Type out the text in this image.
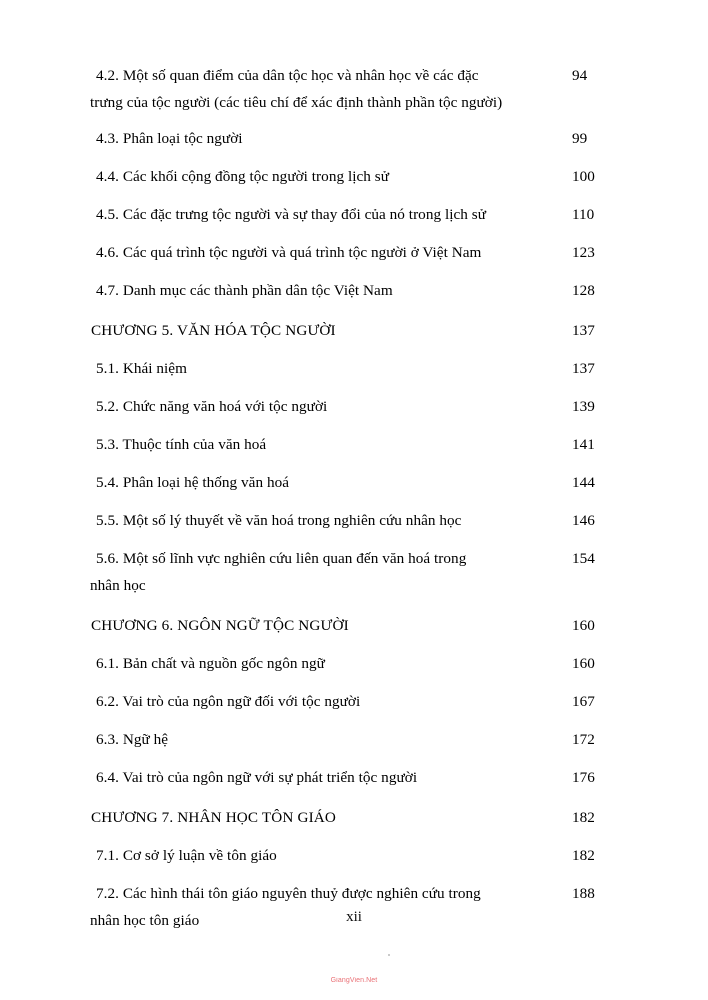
4.2. Một số quan điểm của dân tộc học và nhân học về các đặc	94
trưng của tộc người (các tiêu chí để xác định thành phần tộc người)
4.3. Phân loại tộc người	99
4.4. Các khối cộng đồng tộc người trong lịch sử	100
4.5. Các đặc trưng tộc người và sự thay đổi của nó trong lịch sử	110
4.6. Các quá trình tộc người và quá trình tộc người ở Việt Nam	123
4.7. Danh mục các thành phần dân tộc Việt Nam	128
CHƯƠNG 5. VĂN HÓA TỘC NGƯỜI	137
5.1. Khái niệm	137
5.2. Chức năng văn hoá với tộc người	139
5.3. Thuộc tính của văn hoá	141
5.4. Phân loại hệ thống văn hoá	144
5.5. Một số lý thuyết về văn hoá trong nghiên cứu nhân học	146
5.6. Một số lĩnh vực nghiên cứu liên quan đến văn hoá trong	154
nhân học
CHƯƠNG 6. NGÔN NGỮ TỘC NGƯỜI	160
6.1. Bản chất và nguồn gốc ngôn ngữ	160
6.2. Vai trò của ngôn ngữ đối với tộc người	167
6.3. Ngữ hệ	172
6.4. Vai trò của ngôn ngữ với sự phát triển tộc người	176
CHƯƠNG 7. NHÂN HỌC TÔN GIÁO	182
7.1. Cơ sở lý luận về tôn giáo	182
7.2. Các hình thái tôn giáo nguyên thuỷ được nghiên cứu trong	188
nhân học tôn giáo	xii
GiangVien.Net
